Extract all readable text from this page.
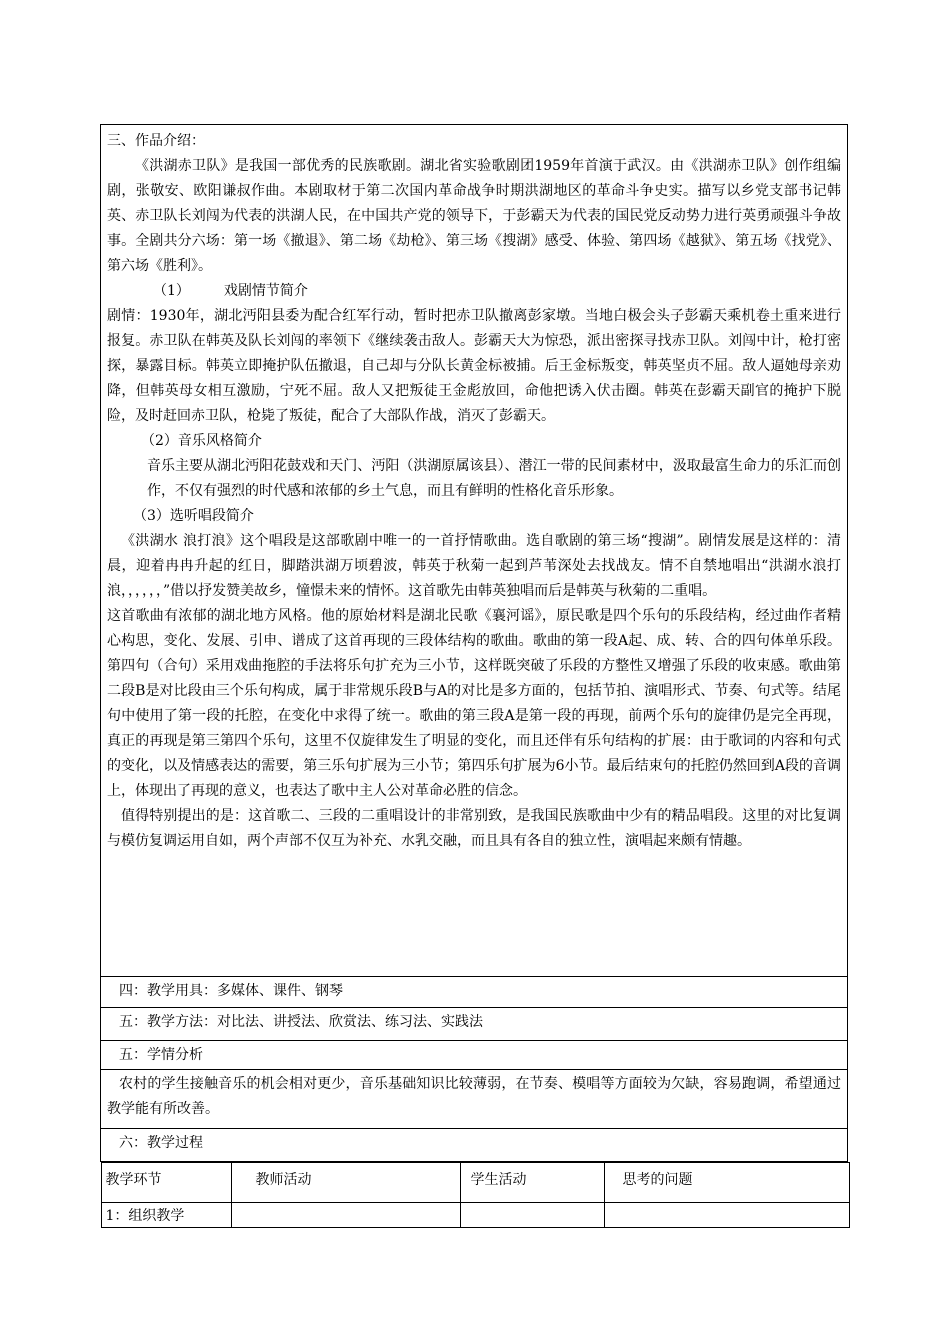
三、作品介绍：

《洪湖赤卫队》是我国一部优秀的民族歌剧。湖北省实验歌剧团1959年首演于武汉。由《洪湖赤卫队》创作组编剧，张敬安、欧阳谦叔作曲。本剧取材于第二次国内革命战争时期洪湖地区的革命斗争史实。描写以乡党支部书记韩英、赤卫队长刘闯为代表的洪湖人民，在中国共产党的领导下，于彭霸天为代表的国民党反动势力进行英勇顽强斗争故事。全剧共分六场：第一场《撤退》、第二场《劫枪》、第三场《搜湖》感受、体验、第四场《越狱》、第五场《找党》、第六场《胜利》。

（1） 戏剧情节简介

剧情：1930年，湖北沔阳县委为配合红军行动，暂时把赤卫队撤离彭家墩。当地白极会头子彭霸天乘机卷土重来进行报复。赤卫队在韩英及队长刘闯的率领下《继续袭击敌人。彭霸天大为惊恐，派出密探寻找赤卫队。刘闯中计，枪打密探，暴露目标。韩英立即掩护队伍撤退，自己却与分队长黄金标被捕。后王金标叛变，韩英坚贞不屈。敌人逼她母亲劝降，但韩英母女相互激励，宁死不屈。敌人又把叛徒王金彪放回，命他把诱入伏击圈。韩英在彭霸天副官的掩护下脱险，及时赶回赤卫队，枪毙了叛徒，配合了大部队作战，消灭了彭霸天。

（2）音乐风格简介

音乐主要从湖北沔阳花鼓戏和天门、沔阳（洪湖原属该县）、潜江一带的民间素材中，汲取最富生命力的乐汇而创作，不仅有强烈的时代感和浓郁的乡土气息，而且有鲜明的性格化音乐形象。

（3）选听唱段简介

《洪湖水 浪打浪》这个唱段是这部歌剧中唯一的一首抒情歌曲。选自歌剧的第三场“搜湖”。剧情发展是这样的：清晨，迎着冉冉升起的红日，脚踏洪湖万顷碧波，韩英于秋菊一起到芦苇深处去找战友。情不自禁地唱出“洪湖水浪打浪，，，，，，”借以抒发赞美故乡，憧憬未来的情怀。这首歌先由韩英独唱而后是韩英与秋菊的二重唱。

这首歌曲有浓郁的湖北地方风格。他的原始材料是湖北民歌《襄河谣》，原民歌是四个乐句的乐段结构，经过曲作者精心构思，变化、发展、引申、谱成了这首再现的三段体结构的歌曲。歌曲的第一段A起、成、转、合的四句体单乐段。第四句（合句）采用戏曲拖腔的手法将乐句扩充为三小节，这样既突破了乐段的方整性又增强了乐段的收束感。歌曲第二段B是对比段由三个乐句构成，属于非常规乐段B与A的对比是多方面的，包括节拍、演唱形式、节奏、句式等。结尾句中使用了第一段的托腔，在变化中求得了统一。歌曲的第三段A是第一段的再现，前两个乐句的旋律仍是完全再现，真正的再现是第三第四个乐句，这里不仅旋律发生了明显的变化，而且还伴有乐句结构的扩展：由于歌词的内容和句式的变化，以及情感表达的需要，第三乐句扩展为三小节；第四乐句扩展为6小节。最后结束句的托腔仍然回到A段的音调上，体现出了再现的意义，也表达了歌中主人公对革命必胜的信念。

值得特别提出的是：这首歌二、三段的二重唱设计的非常别致，是我国民族歌曲中少有的精品唱段。这里的对比复调与模仿复调运用自如，两个声部不仅互为补充、水乳交融，而且具有各自的独立性，演唱起来颇有情趣。

四：教学用具：多媒体、课件、钢琴

五：教学方法：对比法、讲授法、欣赏法、练习法、实践法

五：学情分析

农村的学生接触音乐的机会相对更少，音乐基础知识比较薄弱，在节奏、模唱等方面较为欠缺，容易跑调，希望通过教学能有所改善。

六：教学过程

教学环节	教师活动	学生活动	思考的问题
1：组织教学			
